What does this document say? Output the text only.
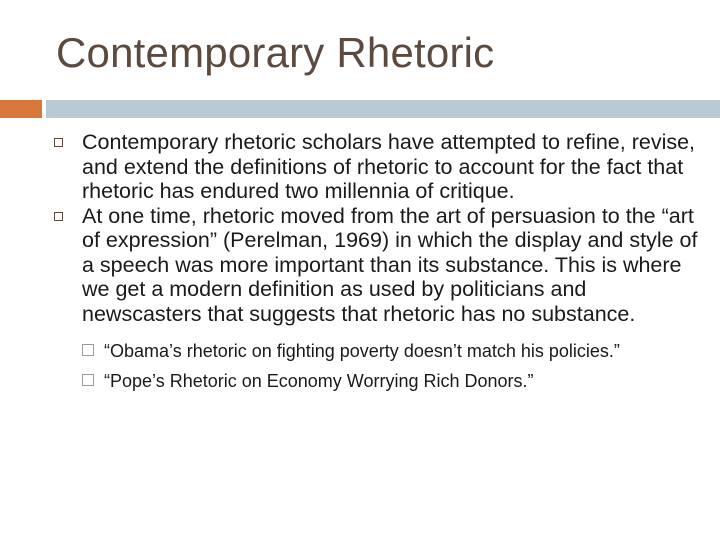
Contemporary Rhetoric
Contemporary rhetoric scholars have attempted to refine, revise, and extend the definitions of rhetoric to account for the fact that rhetoric has endured two millennia of critique.
At one time, rhetoric moved from the art of persuasion to the “art of expression” (Perelman, 1969) in which the display and style of a speech was more important than its substance. This is where we get a modern definition as used by politicians and newscasters that suggests that rhetoric has no substance.
“Obama’s rhetoric on fighting poverty doesn’t match his policies.”
“Pope’s Rhetoric on Economy Worrying Rich Donors.”
